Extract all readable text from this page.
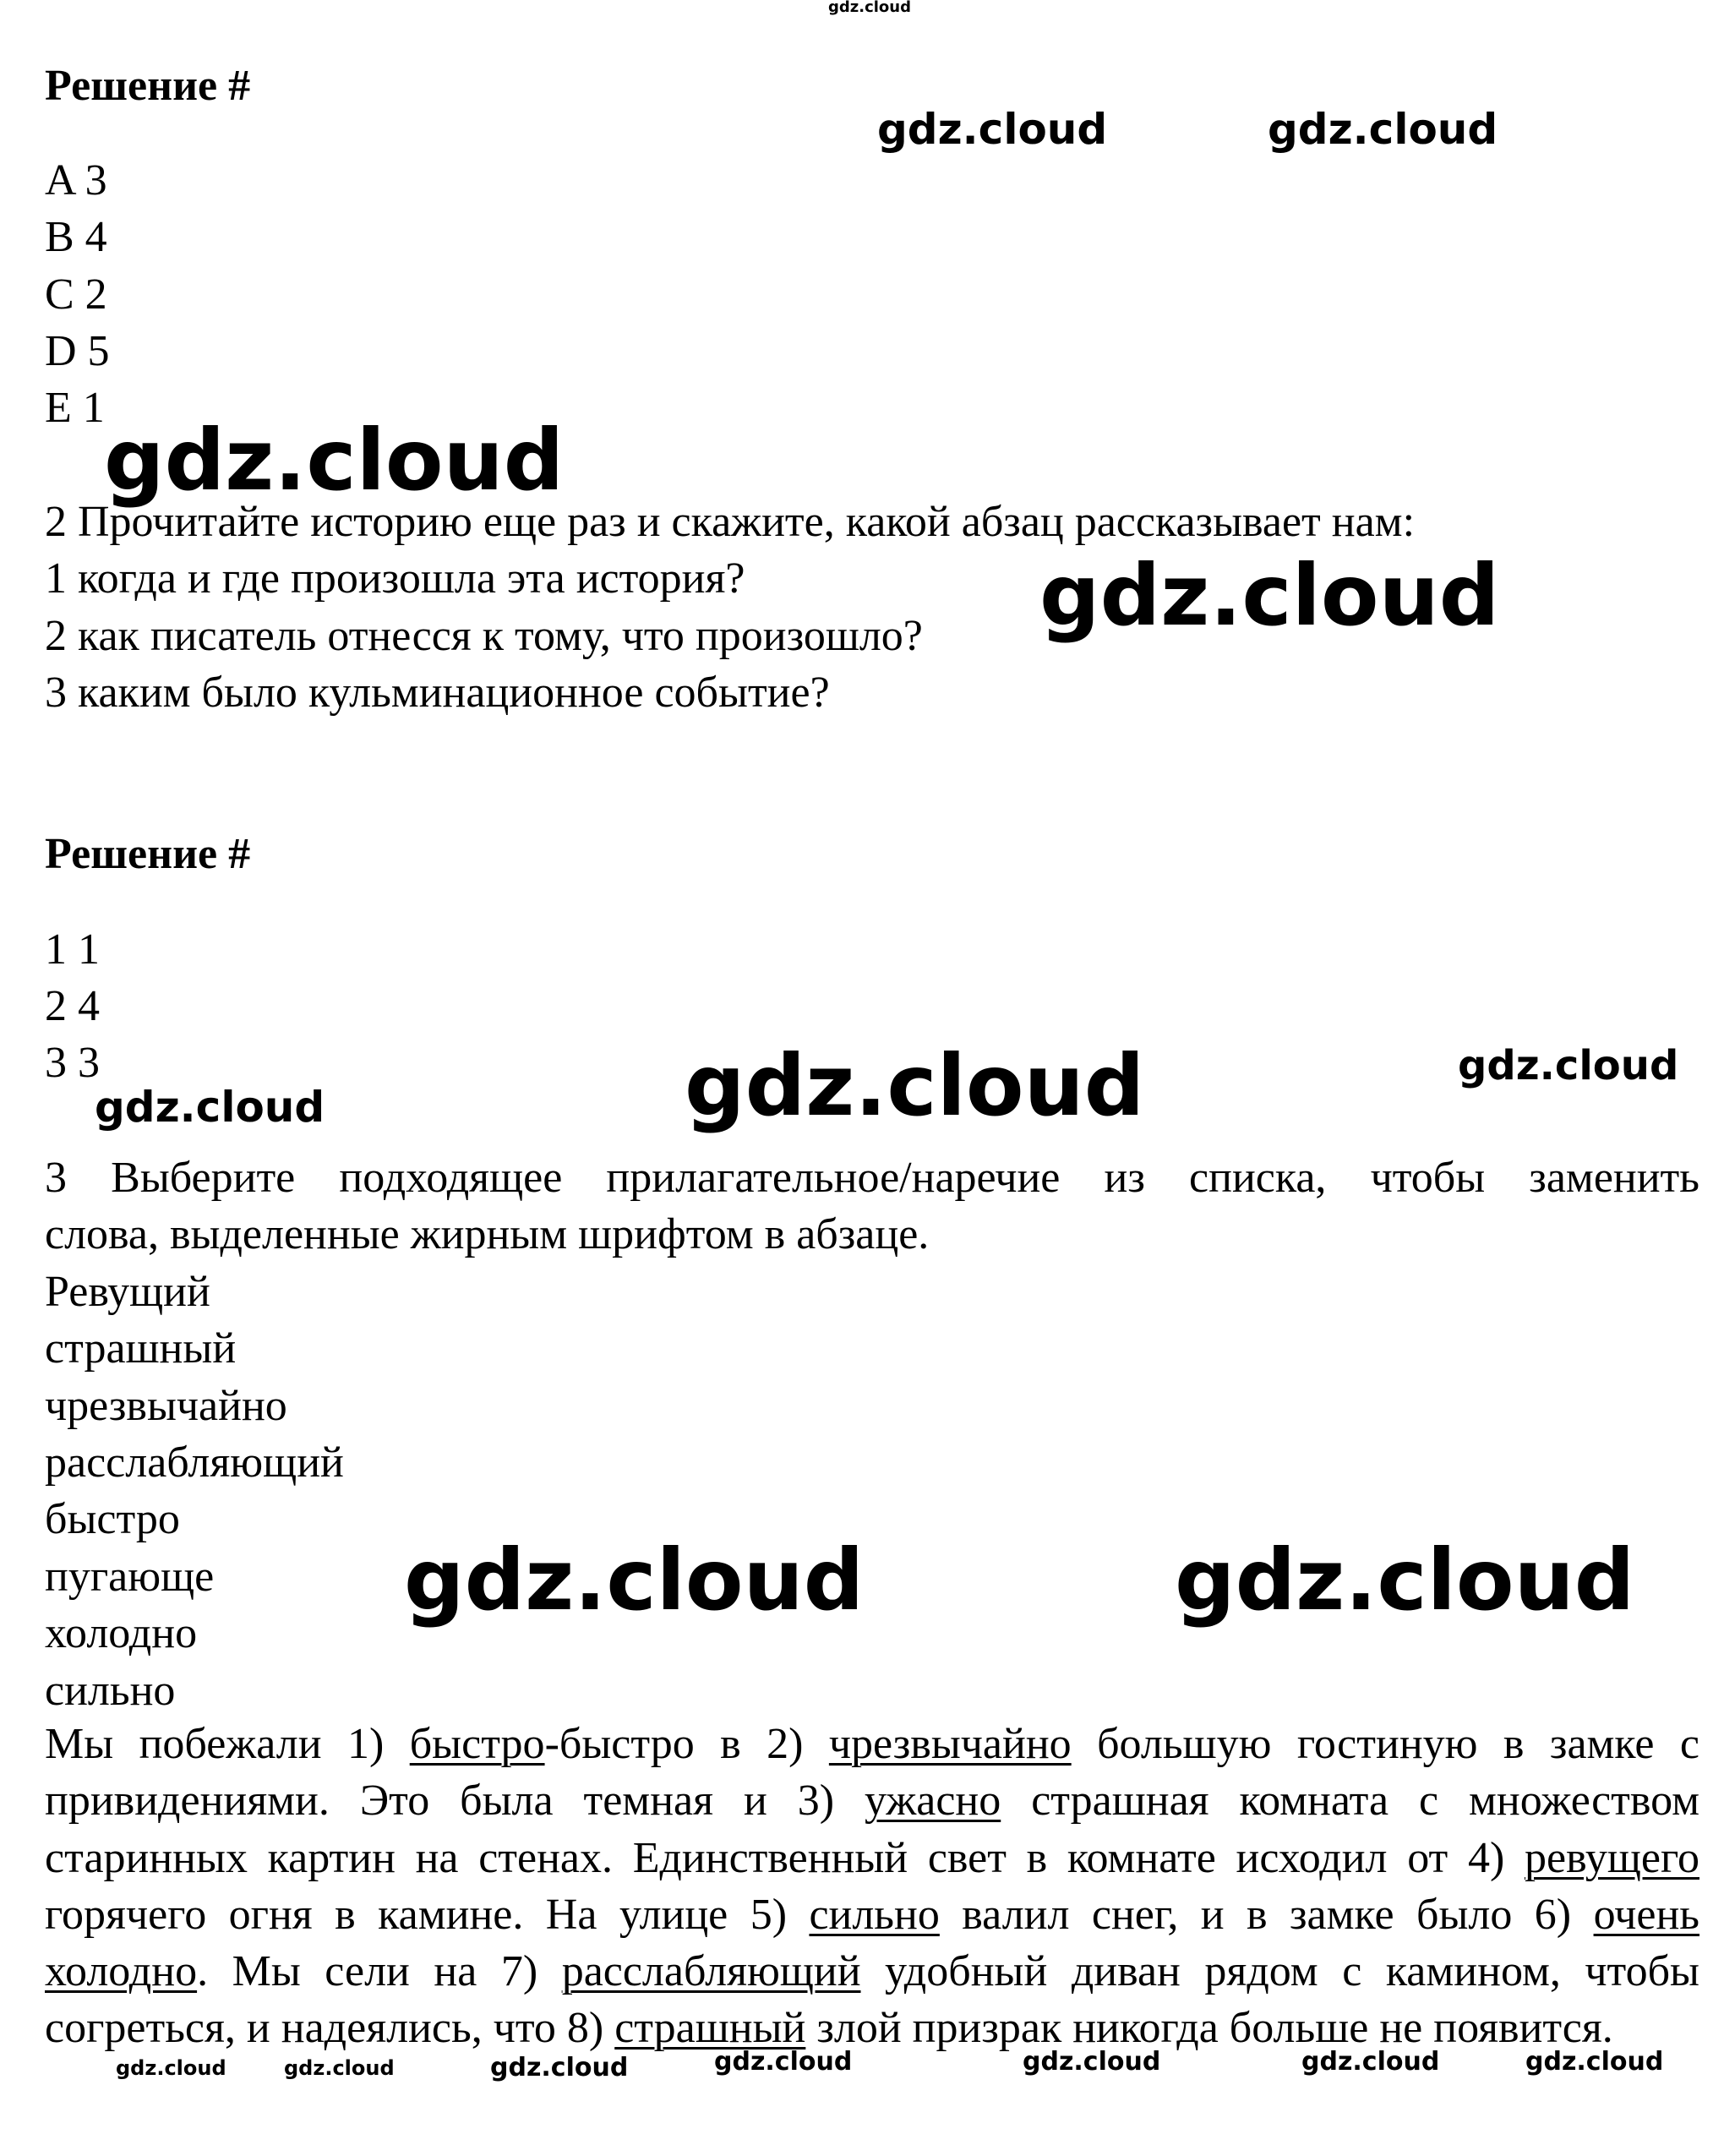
gdz.cloud
gdz.cloud	gdz.cloud
gdz.cloud
gdz.cloud
gdz.cloud	gdz.cloud
gdz.cloud
gdz.cloud	gdz.cloud
Решение #
A 3
B 4
C 2
D 5
E 1
2 Прочитайте историю еще раз и скажите, какой абзац рассказывает нам:
1 когда и где произошла эта история?
2 как писатель отнесся к тому, что произошло?
3 каким было кульминационное событие?
Решение #
1 1
2 4
3 3
3 Выберите подходящее прилагательное/наречие из списка, чтобы заменить
слова, выделенные жирным шрифтом в абзаце.
Ревущий
страшный
чрезвычайно
расслабляющий
быстро
пугающе
холодно
сильно
Мы побежали 1) быстро-быстро в 2) чрезвычайно большую гостиную в замке с привидениями. Это была темная и 3) ужасно страшная комната с множеством старинных картин на стенах. Единственный свет в комнате исходил от 4) ревущего горячего огня в камине. На улице 5) сильно валил снег, и в замке было 6) очень холодно. Мы сели на 7) расслабляющий удобный диван рядом с камином, чтобы согреться, и надеялись, что 8) страшный злой призрак никогда больше не появится.
gdz.cloud	gdz.cloud	gdz.cloud	gdz.cloud	gdz.cloud	gdz.cloud	gdz.cloud
